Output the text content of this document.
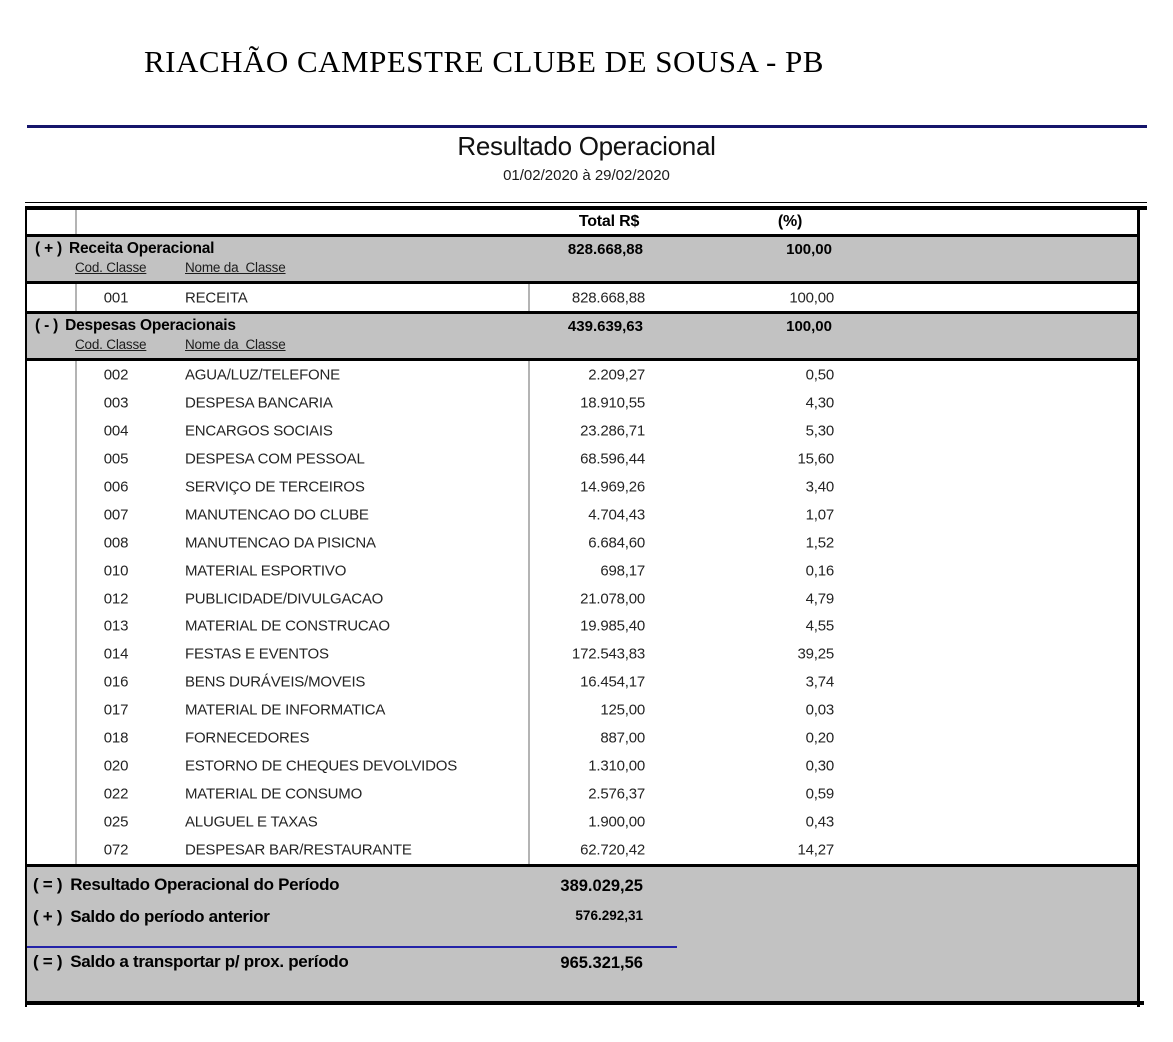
RIACHÃO CAMPESTRE CLUBE DE SOUSA - PB
Resultado Operacional
01/02/2020 à 29/02/2020
Total R$	(%)
( + ) Receita Operacional	828.668,88	100,00
Cod. Classe	Nome da  Classe
001	RECEITA	828.668,88	100,00
( - ) Despesas Operacionais	439.639,63	100,00
Cod. Classe	Nome da  Classe
002	AGUA/LUZ/TELEFONE	2.209,27	0,50
003	DESPESA BANCARIA	18.910,55	4,30
004	ENCARGOS SOCIAIS	23.286,71	5,30
005	DESPESA COM PESSOAL	68.596,44	15,60
006	SERVIÇO DE TERCEIROS	14.969,26	3,40
007	MANUTENCAO DO CLUBE	4.704,43	1,07
008	MANUTENCAO DA PISICNA	6.684,60	1,52
010	MATERIAL ESPORTIVO	698,17	0,16
012	PUBLICIDADE/DIVULGACAO	21.078,00	4,79
013	MATERIAL DE CONSTRUCAO	19.985,40	4,55
014	FESTAS E EVENTOS	172.543,83	39,25
016	BENS DURÁVEIS/MOVEIS	16.454,17	3,74
017	MATERIAL DE INFORMATICA	125,00	0,03
018	FORNECEDORES	887,00	0,20
020	ESTORNO DE CHEQUES DEVOLVIDOS	1.310,00	0,30
022	MATERIAL DE CONSUMO	2.576,37	0,59
025	ALUGUEL E TAXAS	1.900,00	0,43
072	DESPESAR BAR/RESTAURANTE	62.720,42	14,27
( = ) Resultado Operacional do Período	389.029,25
( + ) Saldo do período anterior	576.292,31
( = ) Saldo a transportar p/ prox. período	965.321,56
